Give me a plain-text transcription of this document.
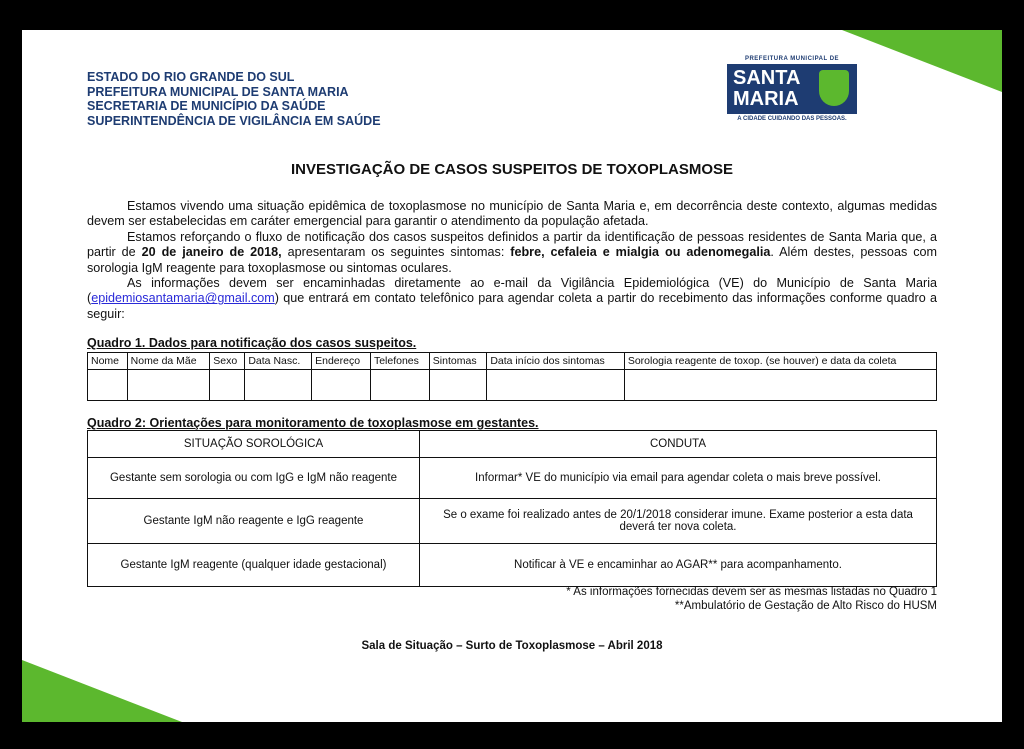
ESTADO DO RIO GRANDE DO SUL
PREFEITURA MUNICIPAL DE SANTA MARIA
SECRETARIA DE MUNICÍPIO DA SAÚDE
SUPERINTENDÊNCIA DE VIGILÂNCIA EM SAÚDE
PREFEITURA MUNICIPAL DE
SANTA
MARIA
A CIDADE CUIDANDO DAS PESSOAS.
INVESTIGAÇÃO DE CASOS SUSPEITOS DE TOXOPLASMOSE

Estamos vivendo uma situação epidêmica de toxoplasmose no município de Santa Maria e, em decorrência deste contexto, algumas medidas devem ser estabelecidas em caráter emergencial para garantir o atendimento da população afetada.

Estamos reforçando o fluxo de notificação dos casos suspeitos definidos a partir da identificação de pessoas residentes de Santa Maria que, a partir de 20 de janeiro de 2018, apresentaram os seguintes sintomas: febre, cefaleia e mialgia ou adenomegalia. Além destes, pessoas com sorologia IgM reagente para toxoplasmose ou sintomas oculares.

As informações devem ser encaminhadas diretamente ao e-mail da Vigilância Epidemiológica (VE) do Município de Santa Maria (epidemiosantamaria@gmail.com) que entrará em contato telefônico para agendar coleta a partir do recebimento das informações conforme quadro a seguir:

Quadro 1. Dados para notificação dos casos suspeitos.
Nome	Nome da Mãe	Sexo	Data Nasc.	Endereço	Telefones	Sintomas	Data início dos sintomas	Sorologia reagente de toxop. (se houver) e data da coleta

Quadro 2: Orientações para monitoramento de toxoplasmose em gestantes.
SITUAÇÃO SOROLÓGICA	CONDUTA
Gestante sem sorologia ou com IgG e IgM não reagente	Informar* VE do município via email para agendar coleta o mais breve possível.
Gestante IgM não reagente e IgG reagente	Se o exame foi realizado antes de 20/1/2018 considerar imune. Exame posterior a esta data deverá ter nova coleta.
Gestante IgM reagente (qualquer idade gestacional)	Notificar à VE e encaminhar ao AGAR** para acompanhamento.
* As informações fornecidas devem ser as mesmas listadas no Quadro 1
**Ambulatório de Gestação de Alto Risco do HUSM
Sala de Situação – Surto de Toxoplasmose – Abril 2018
